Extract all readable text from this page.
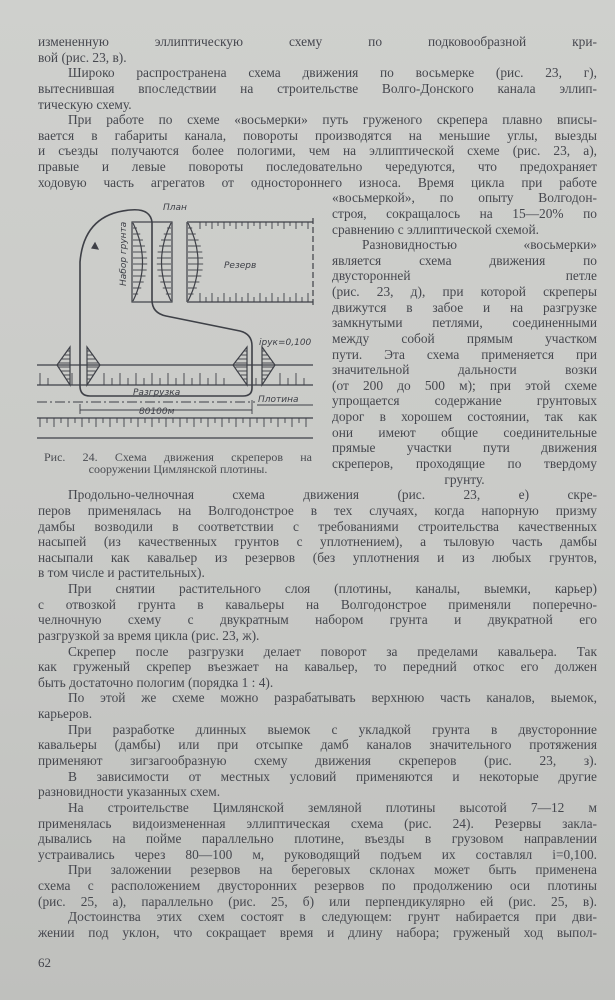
измененную эллиптическую схему по подковообразной кри-
вой (рис. 23, в).
Широко распространена схема движения по восьмерке (рис. 23, г),
вытеснившая впоследствии на строительстве Волго-Донского канала эллип-
тическую схему.
При работе по схеме «восьмерки» путь груженого скрепера плавно вписы-
вается в габариты канала, повороты производятся на меньшие углы, выезды
и съезды получаются более пологими, чем на эллиптической схеме (рис. 23, а),
правые и левые повороты последовательно чередуются, что предохраняет
ходовую часть агрегатов от одностороннего износа. Время цикла при работе
«восьмеркой», по опыту Волгодон-
строя, сокращалось на 15—20% по
сравнению с эллиптической схемой.
Разновидностью «восьмерки»
является схема движения по
двусторонней петле
(рис. 23, д), при которой скреперы
движутся в забое и на разгрузке
замкнутыми петлями, соединенными
между собой прямым участком
пути. Эта схема применяется при
значительной дальности возки
(от 200 до 500 м); при этой схеме
упрощается содержание грунтовых
дорог в хорошем состоянии, так как
они имеют общие соединительные
прямые участки пути движения
скреперов, проходящие по твердому
грунту.
Продольно-челночная схема движения (рис. 23, е) скре-
перов применялась на Волгодонстрое в тех случаях, когда напорную призму
дамбы возводили в соответствии с требованиями строительства качественных
насыпей (из качественных грунтов с уплотнением), а тыловую часть дамбы
насыпали как кавальер из резервов (без уплотнения и из любых грунтов,
в том числе и растительных).
При снятии растительного слоя (плотины, каналы, выемки, карьер)
с отвозкой грунта в кавальеры на Волгодонстрое применяли поперечно-
челночную схему с двукратным набором грунта и двукратной его
разгрузкой за время цикла (рис. 23, ж).
Скрепер после разгрузки делает поворот за пределами кавальера. Так
как груженый скрепер въезжает на кавальер, то передний откос его должен
быть достаточно пологим (порядка 1 : 4).
По этой же схеме можно разрабатывать верхнюю часть каналов, выемок,
карьеров.
При разработке длинных выемок с укладкой грунта в двусторонние
кавальеры (дамбы) или при отсыпке дамб каналов значительного протяжения
применяют зигзагообразную схему движения скреперов (рис. 23, з).
В зависимости от местных условий применяются и некоторые другие
разновидности указанных схем.
На строительстве Цимлянской земляной плотины высотой 7—12 м
применялась видоизмененная эллиптическая схема (рис. 24). Резервы закла-
дывались на пойме параллельно плотине, въезды в грузовом направлении
устраивались через 80—100 м, руководящий подъем их составлял i=0,100.
При заложении резервов на береговых склонах может быть применена
схема с расположением двусторонних резервов по продолжению оси плотины
(рис. 25, а), параллельно (рис. 25, б) или перпендикулярно ей (рис. 25, в).
Достоинства этих схем состоят в следующем: грунт набирается при дви-
жении под уклон, что сокращает время и длину набора; груженый ход выпол-
План
Набор грунта	Резерв
Разгрузка
Плотина
80100м
iрук=0,100
Рис. 24. Схема движения скреперов на
сооружении Цимлянской плотины.
62
